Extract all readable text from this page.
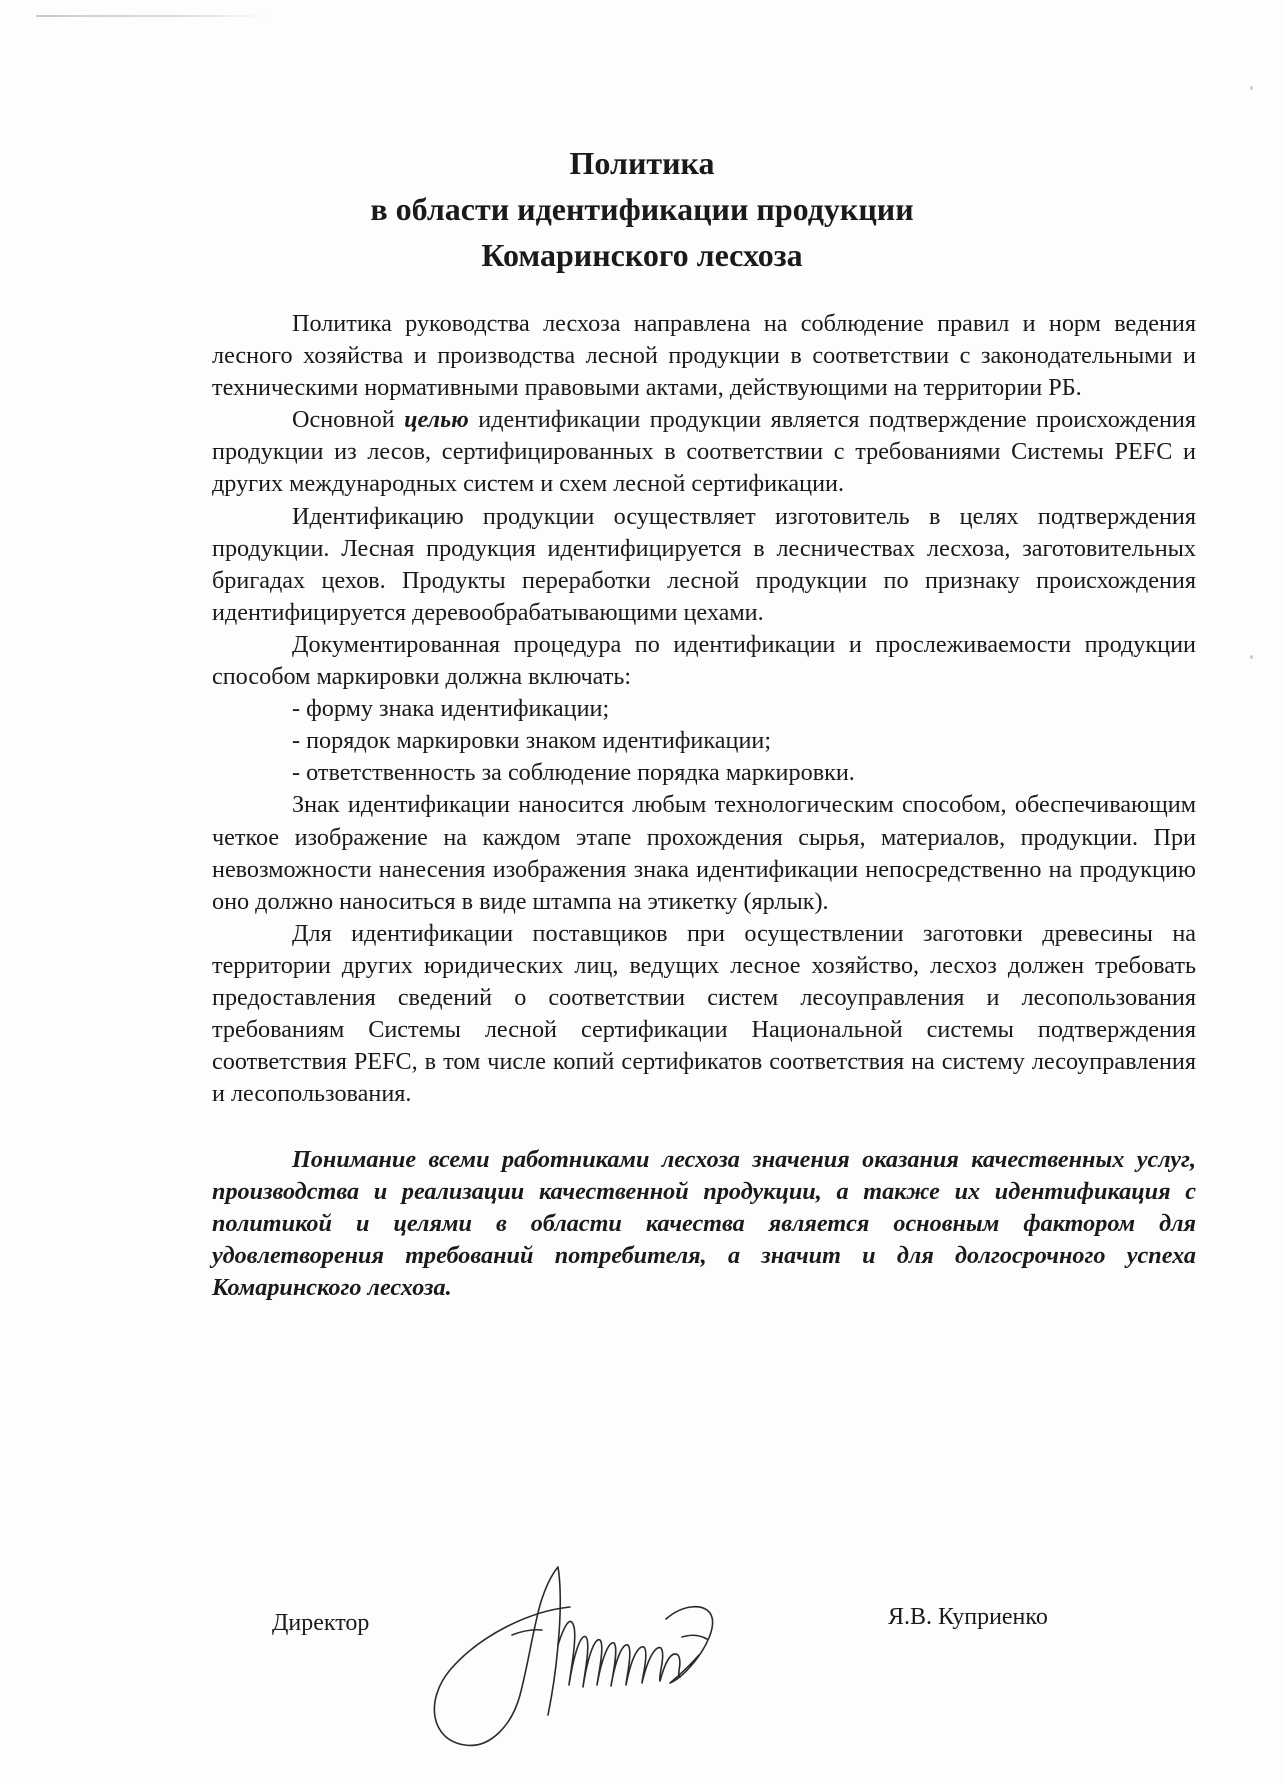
Политика
в области идентификации продукции
Комаринского лесхоза

Политика руководства лесхоза направлена на соблюдение правил и норм ведения лесного хозяйства и производства лесной продукции в соответствии с законодательными и техническими нормативными правовыми актами, действующими на территории РБ.

Основной целью идентификации продукции является подтверждение происхождения продукции из лесов, сертифицированных в соответствии с требованиями Системы PEFC и других международных систем и схем лесной сертификации.

Идентификацию продукции осуществляет изготовитель в целях подтверждения продукции. Лесная продукция идентифицируется в лесничествах лесхоза, заготовительных бригадах цехов. Продукты переработки лесной продукции по признаку происхождения идентифицируется деревообрабатывающими цехами.

Документированная процедура по идентификации и прослеживаемости продукции способом маркировки должна включать:

- форму знака идентификации;

- порядок маркировки знаком идентификации;

- ответственность за соблюдение порядка маркировки.

Знак идентификации наносится любым технологическим способом, обеспечивающим четкое изображение на каждом этапе прохождения сырья, материалов, продукции. При невозможности нанесения изображения знака идентификации непосредственно на продукцию оно должно наноситься в виде штампа на этикетку (ярлык).

Для идентификации поставщиков при осуществлении заготовки древесины на территории других юридических лиц, ведущих лесное хозяйство, лесхоз должен требовать предоставления сведений о соответствии систем лесоуправления и лесопользования требованиям Системы лесной сертификации Национальной системы подтверждения соответствия PEFC, в том числе копий сертификатов соответствия на систему лесоуправления и лесопользования.

Понимание всеми работниками лесхоза значения оказания качественных услуг, производства и реализации качественной продукции, а также их идентификация с политикой и целями в области качества является основным фактором для удовлетворения требований потребителя, а значит и для долгосрочного успеха Комаринского лесхоза.

Директор	Я.В. Куприенко
